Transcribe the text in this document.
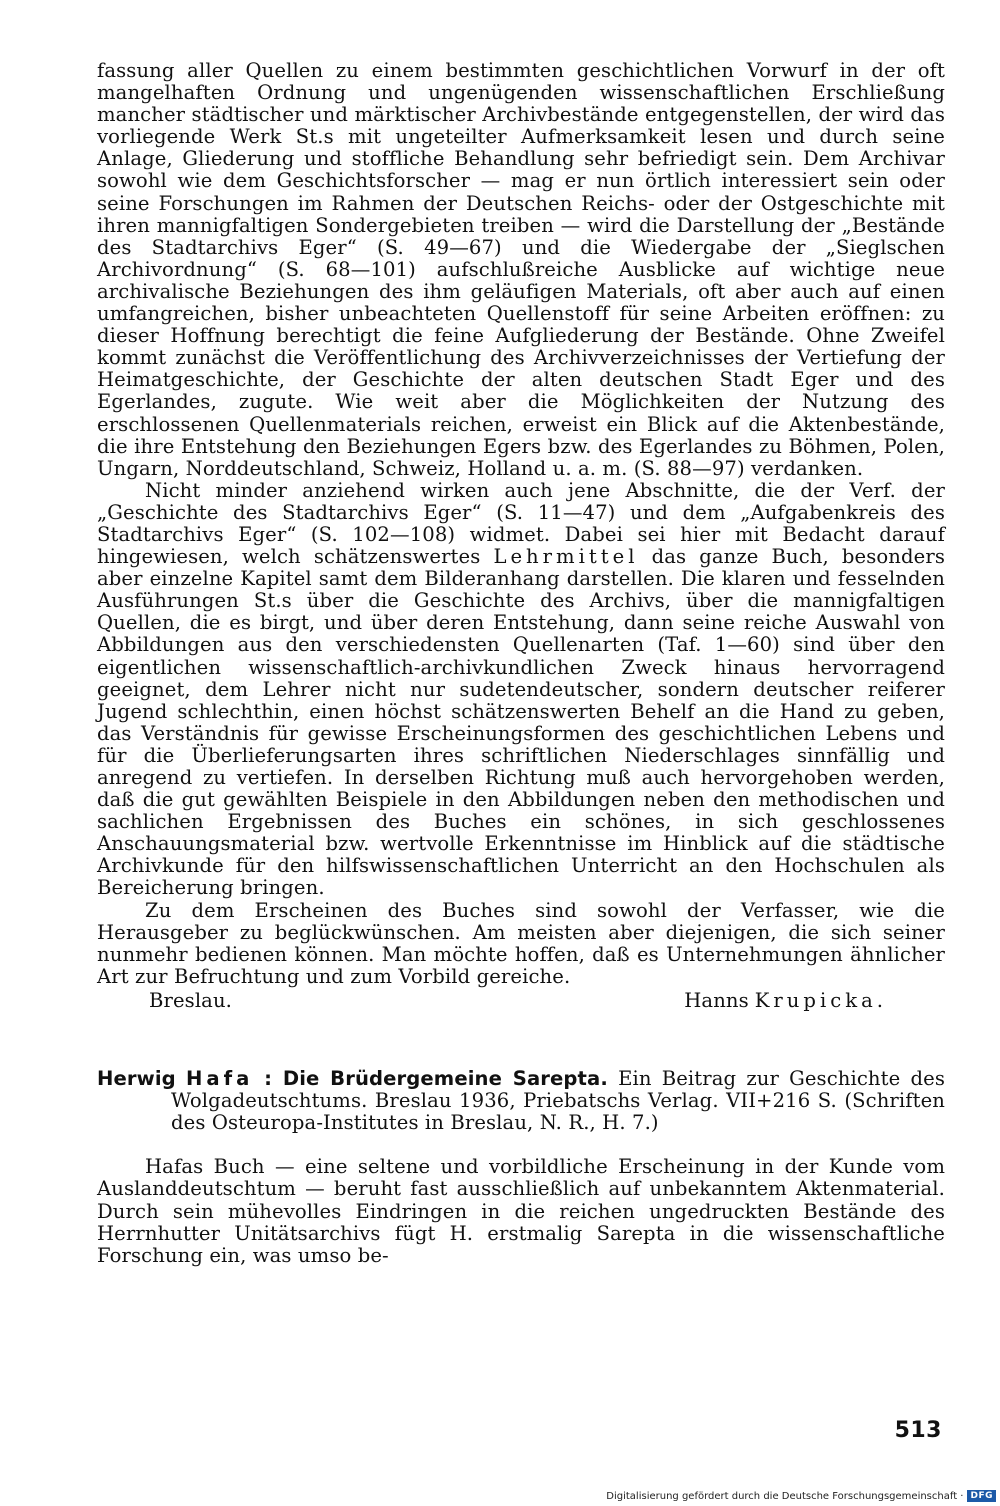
fassung aller Quellen zu einem bestimmten geschichtlichen Vorwurf in der oft mangelhaften Ordnung und ungenügenden wissenschaftlichen Erschließung mancher städtischer und märktischer Archivbestände entgegenstellen, der wird das vorliegende Werk St.s mit ungeteilter Aufmerksamkeit lesen und durch seine Anlage, Gliederung und stoffliche Behandlung sehr befriedigt sein. Dem Archivar sowohl wie dem Geschichtsforscher — mag er nun örtlich interessiert sein oder seine Forschungen im Rahmen der Deutschen Reichs- oder der Ostgeschichte mit ihren mannigfaltigen Sondergebieten treiben — wird die Darstellung der „Bestände des Stadtarchivs Eger“ (S. 49—67) und die Wiedergabe der „Sieglschen Archivordnung“ (S. 68—101) aufschlußreiche Ausblicke auf wichtige neue archivalische Beziehungen des ihm geläufigen Materials, oft aber auch auf einen umfangreichen, bisher unbeachteten Quellenstoff für seine Arbeiten eröffnen: zu dieser Hoffnung berechtigt die feine Aufgliederung der Bestände. Ohne Zweifel kommt zunächst die Veröffentlichung des Archivverzeichnisses der Vertiefung der Heimatgeschichte, der Geschichte der alten deutschen Stadt Eger und des Egerlandes, zugute. Wie weit aber die Möglichkeiten der Nutzung des erschlossenen Quellenmaterials reichen, erweist ein Blick auf die Aktenbestände, die ihre Entstehung den Beziehungen Egers bzw. des Egerlandes zu Böhmen, Polen, Ungarn, Norddeutschland, Schweiz, Holland u. a. m. (S. 88—97) verdanken.

Nicht minder anziehend wirken auch jene Abschnitte, die der Verf. der „Geschichte des Stadtarchivs Eger“ (S. 11—47) und dem „Aufgabenkreis des Stadtarchivs Eger“ (S. 102—108) widmet. Dabei sei hier mit Bedacht darauf hingewiesen, welch schätzenswertes Lehrmittel das ganze Buch, besonders aber einzelne Kapitel samt dem Bilderanhang darstellen. Die klaren und fesselnden Ausführungen St.s über die Geschichte des Archivs, über die mannigfaltigen Quellen, die es birgt, und über deren Entstehung, dann seine reiche Auswahl von Abbildungen aus den verschiedensten Quellenarten (Taf. 1—60) sind über den eigentlichen wissenschaftlich-archivkundlichen Zweck hinaus hervorragend geeignet, dem Lehrer nicht nur sudetendeutscher, sondern deutscher reiferer Jugend schlechthin, einen höchst schätzenswerten Behelf an die Hand zu geben, das Verständnis für gewisse Erscheinungsformen des geschichtlichen Lebens und für die Überlieferungsarten ihres schriftlichen Niederschlages sinnfällig und anregend zu vertiefen. In derselben Richtung muß auch hervorgehoben werden, daß die gut gewählten Beispiele in den Abbildungen neben den methodischen und sachlichen Ergebnissen des Buches ein schönes, in sich geschlossenes Anschauungsmaterial bzw. wertvolle Erkenntnisse im Hinblick auf die städtische Archivkunde für den hilfswissenschaftlichen Unterricht an den Hochschulen als Bereicherung bringen.

Zu dem Erscheinen des Buches sind sowohl der Verfasser, wie die Herausgeber zu beglückwünschen. Am meisten aber diejenigen, die sich seiner nunmehr bedienen können. Man möchte hoffen, daß es Unternehmungen ähnlicher Art zur Befruchtung und zum Vorbild gereiche.

Breslau.	Hanns Krupicka.

Herwig Hafa : Die Brüdergemeine Sarepta. Ein Beitrag zur Geschichte des Wolgadeutschtums. Breslau 1936, Priebatschs Verlag. VII+216 S. (Schriften des Osteuropa-Institutes in Breslau, N. R., H. 7.)

Hafas Buch — eine seltene und vorbildliche Erscheinung in der Kunde vom Auslanddeutschtum — beruht fast ausschließlich auf unbekanntem Aktenmaterial. Durch sein mühevolles Eindringen in die reichen ungedruckten Bestände des Herrnhutter Unitätsarchivs fügt H. erstmalig Sarepta in die wissenschaftliche Forschung ein, was umso be-

513
Digitalisierung gefördert durch die Deutsche Forschungsgemeinschaft · DFG
